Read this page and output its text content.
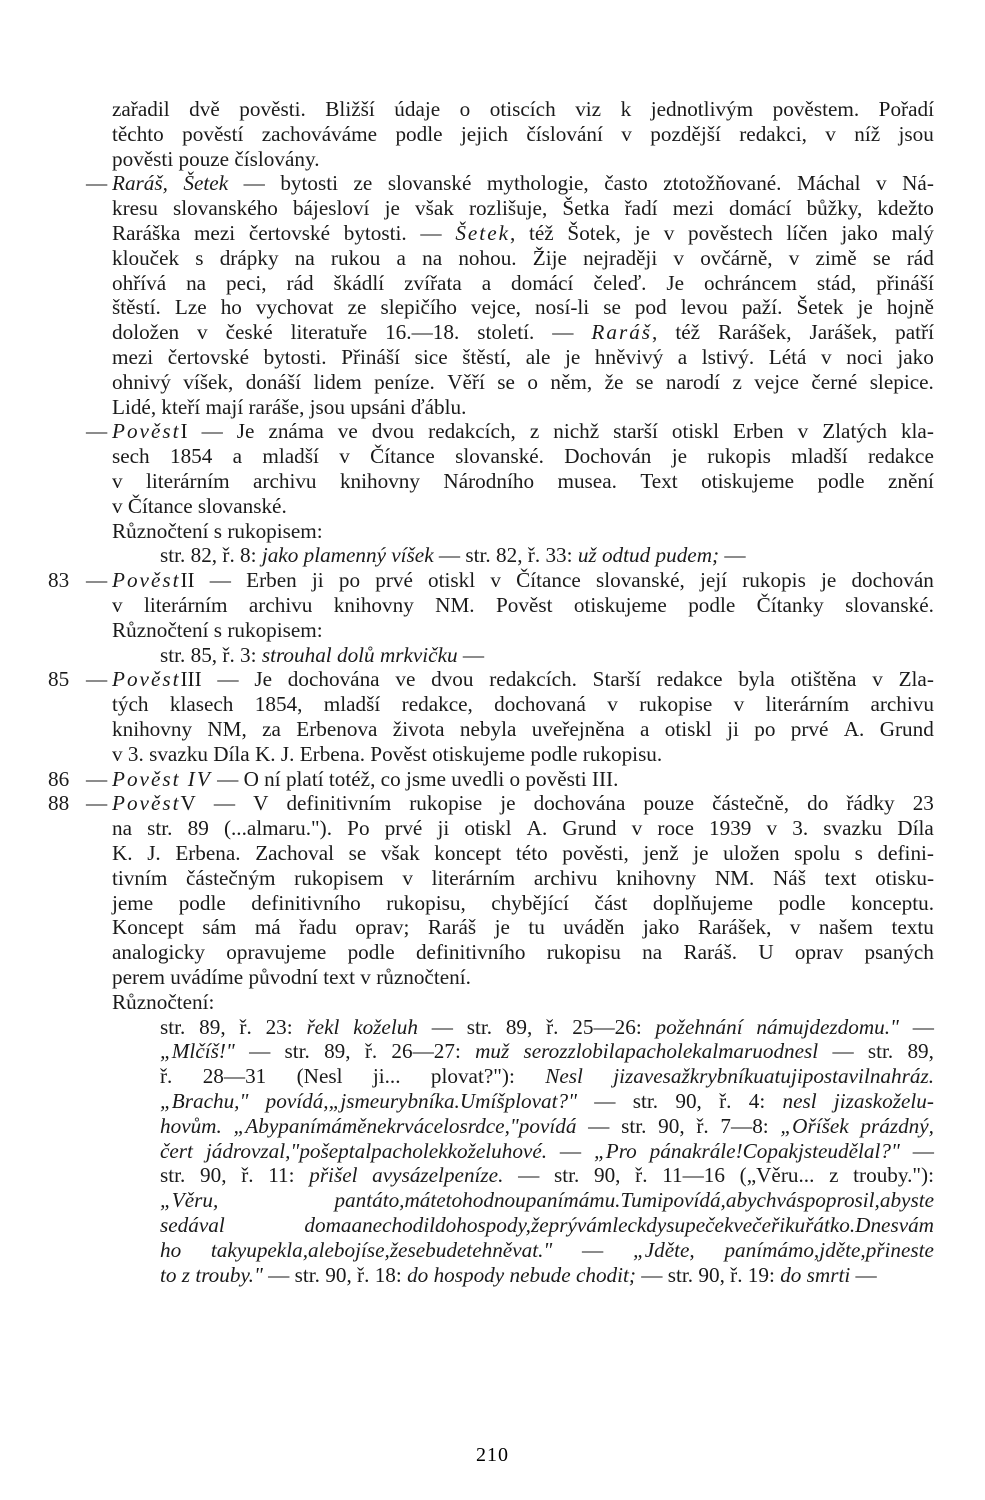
zařadil dvě pověsti. Bližší údaje o otiscích viz k jednotlivým pověstem. Pořadí
těchto pověstí zachováváme podle jejich číslování v pozdější redakci, v níž jsou
pověsti pouze číslovány.
— Raráš, Šetek — bytosti ze slovanské mythologie, často ztotožňované. Máchal v Ná-
kresu slovanského bájesloví je však rozlišuje, Šetka řadí mezi domácí bůžky, kdežto
Raráška mezi čertovské bytosti. — Šetek, též Šotek, je v pověstech líčen jako malý
klouček s drápky na rukou a na nohou. Žije nejraději v ovčárně, v zimě se rád
ohřívá na peci, rád škádlí zvířata a domácí čeleď. Je ochráncem stád, přináší
štěstí. Lze ho vychovat ze slepičího vejce, nosí-li se pod levou paží. Šetek je hojně
doložen v české literatuře 16.—18. století. — Raráš, též Rarášek, Jarášek, patří
mezi čertovské bytosti. Přináší sice štěstí, ale je hněvivý a lstivý. Létá v noci jako
ohnivý víšek, donáší lidem peníze. Věří se o něm, že se narodí z vejce černé slepice.
Lidé, kteří mají raráše, jsou upsáni ďáblu.
— PověstI — Je známa ve dvou redakcích, z nichž starší otiskl Erben v Zlatých kla-
sech 1854 a mladší v Čítance slovanské. Dochován je rukopis mladší redakce
v literárním archivu knihovny Národního musea. Text otiskujeme podle znění
v Čítance slovanské.
Různočtení s rukopisem:
str. 82, ř. 8: jako plamenný víšek — str. 82, ř. 33: už odtud pudem; —
83 — PověstII — Erben ji po prvé otiskl v Čítance slovanské, její rukopis je dochován
v literárním archivu knihovny NM. Pověst otiskujeme podle Čítanky slovanské.
Různočtení s rukopisem:
str. 85, ř. 3: strouhal dolů mrkvičku —
85 — PověstIII — Je dochována ve dvou redakcích. Starší redakce byla otištěna v Zla-
tých klasech 1854, mladší redakce, dochovaná v rukopise v literárním archivu
knihovny NM, za Erbenova života nebyla uveřejněna a otiskl ji po prvé A. Grund
v 3. svazku Díla K. J. Erbena. Pověst otiskujeme podle rukopisu.
86 — Pověst IV — O ní platí totéž, co jsme uvedli o pověsti III.
88 — PověstV — V definitivním rukopise je dochována pouze částečně, do řádky 23
na str. 89 (...almaru."). Po prvé ji otiskl A. Grund v roce 1939 v 3. svazku Díla
K. J. Erbena. Zachoval se však koncept této pověsti, jenž je uložen spolu s defini-
tivním částečným rukopisem v literárním archivu knihovny NM. Náš text otisku-
jeme podle definitivního rukopisu, chybějící část doplňujeme podle konceptu.
Koncept sám má řadu oprav; Raráš je tu uváděn jako Rarášek, v našem textu
analogicky opravujeme podle definitivního rukopisu na Raráš. U oprav psaných
perem uvádíme původní text v různočtení.
Různočtení:
str. 89, ř. 23: řekl koželuh — str. 89, ř. 25—26: požehnání námujdezdomu." —
„Mlčíš!" — str. 89, ř. 26—27: muž serozzlobilapacholekalmaruodnesl — str. 89,
ř. 28—31 (Nesl ji... plovat?"): Nesl jizavesažkrybníkuatujipostavilnahráz.
„Brachu," povídá,„jsmeurybníka.Umíšplovat?" — str. 90, ř. 4: nesl jizaskoželu-
hovům. „Abypanímáměnekrvácelosrdce,"povídá — str. 90, ř. 7—8: „Oříšek prázdný,
čert jádrovzal,"pošeptalpacholekkoželuhové. — „Pro pánakrále!Copakjsteudělal?" —
str. 90, ř. 11: přišel avysázelpeníze. — str. 90, ř. 11—16 („Věru... z trouby."):
„Věru,	pantáto,mátetohodnoupanímámu.Tumipovídá,abychváspoprosil,abyste
sedával	domaanechodildohospody,žeprývámleckdysupečekvečeřikuřátko.Dnesvám
ho takyupekla,alebojíse,žesebudetehněvat." — „Jděte, panímámo,jděte,přineste
to z trouby." — str. 90, ř. 18: do hospody nebude chodit; — str. 90, ř. 19: do smrti —
210
